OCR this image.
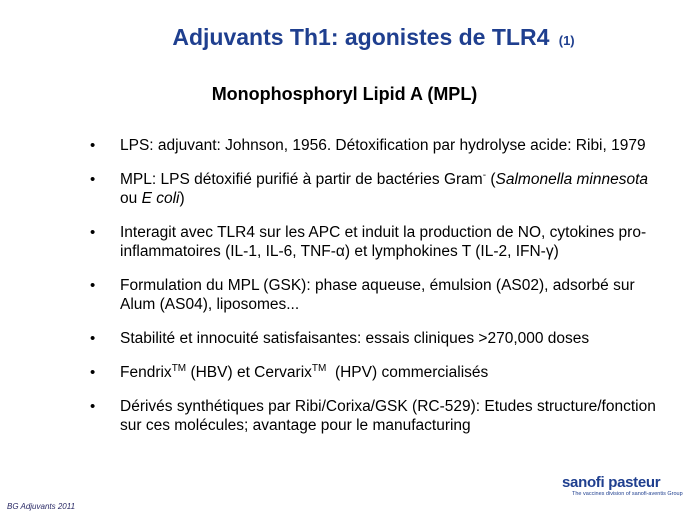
Adjuvants Th1: agonistes de TLR4 (1)
Monophosphoryl Lipid A (MPL)
• LPS: adjuvant: Johnson, 1956. Détoxification par hydrolyse acide: Ribi, 1979
• MPL: LPS détoxifié purifié à partir de bactéries Gram- (Salmonella minnesota ou E coli)
• Interagit avec TLR4 sur les APC et induit la production de NO, cytokines pro-inflammatoires (IL-1, IL-6, TNF-α) et lymphokines T (IL-2, IFN-γ)
• Formulation du MPL (GSK): phase aqueuse, émulsion (AS02), adsorbé sur Alum (AS04), liposomes...
• Stabilité et innocuité satisfaisantes: essais cliniques >270,000 doses
• Fendrix™ (HBV) et Cervarix™  (HPV) commercialisés
• Dérivés synthétiques par Ribi/Corixa/GSK (RC-529): Etudes structure/fonction sur ces molécules; avantage pour le manufacturing
BG Adjuvants 2011
sanofi pasteur
The vaccines division of sanofi-aventis Group
